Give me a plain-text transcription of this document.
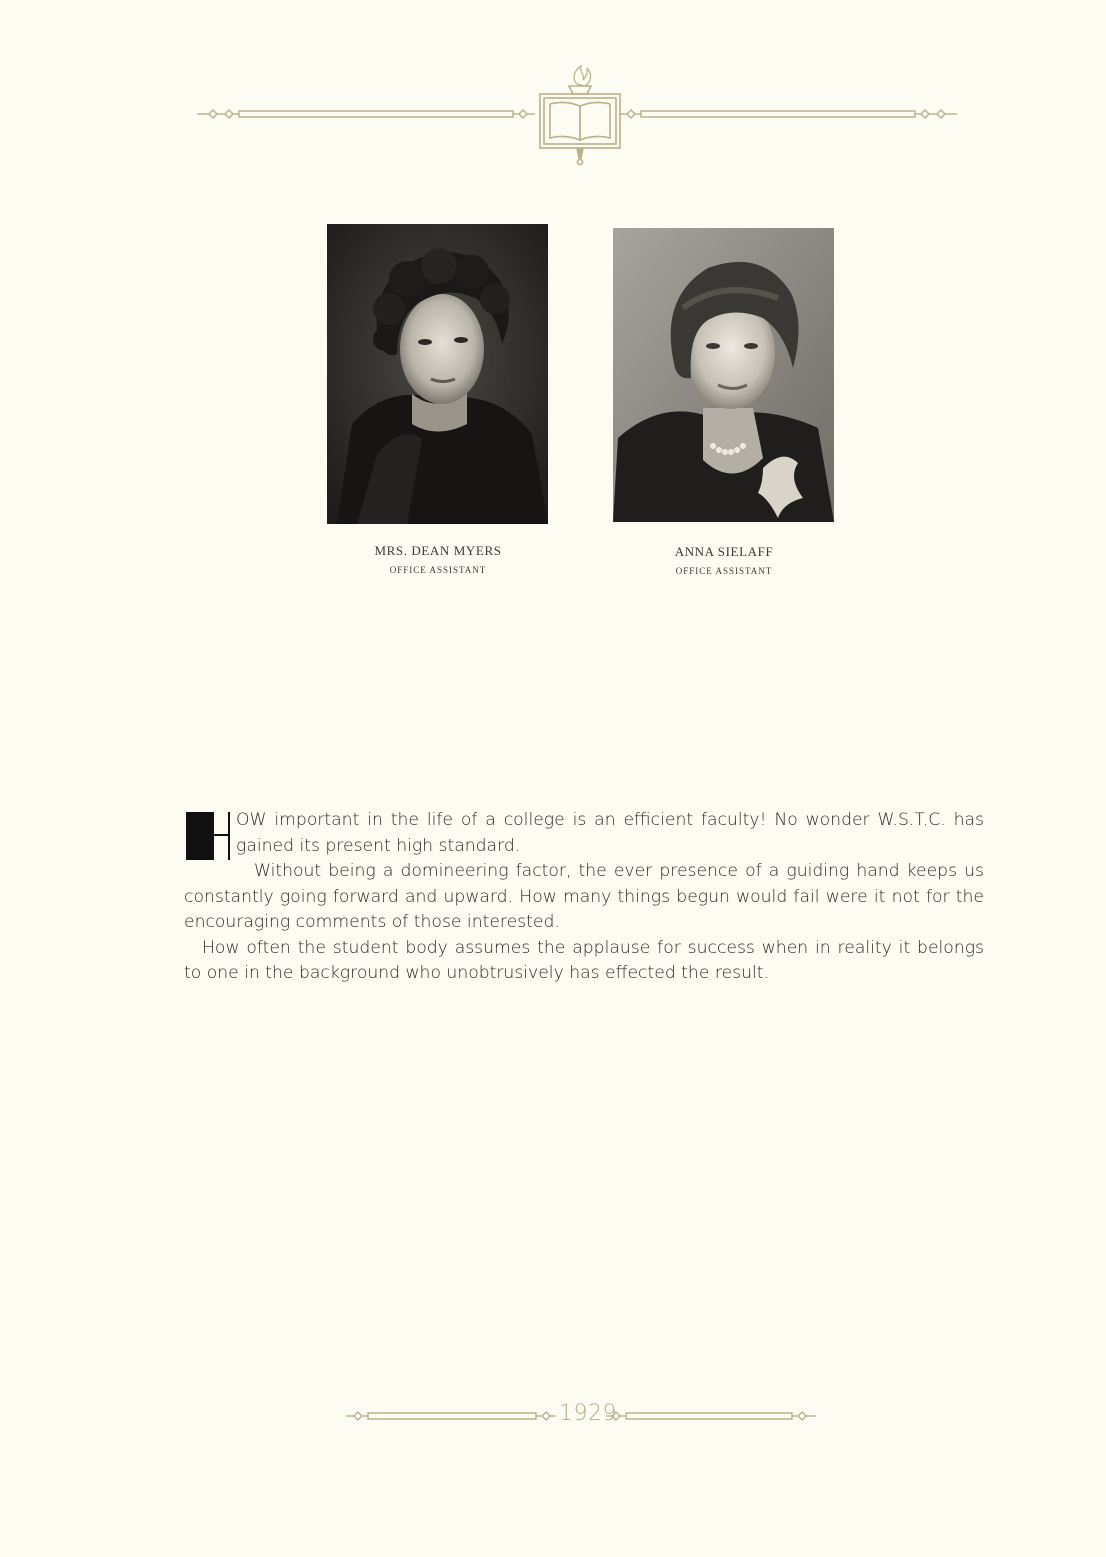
MRS. DEAN MYERS
OFFICE ASSISTANT
ANNA SIELAFF
OFFICE ASSISTANT

OW important in the life of a college is an efficient faculty! No wonder W.S.T.C. has gained its present high standard.

Without being a domineering factor, the ever presence of a guiding hand keeps us constantly going forward and upward. How many things begun would fail were it not for the encouraging comments of those interested.

How often the student body assumes the applause for success when in reality it belongs to one in the background who unobtrusively has effected the result.

1929
